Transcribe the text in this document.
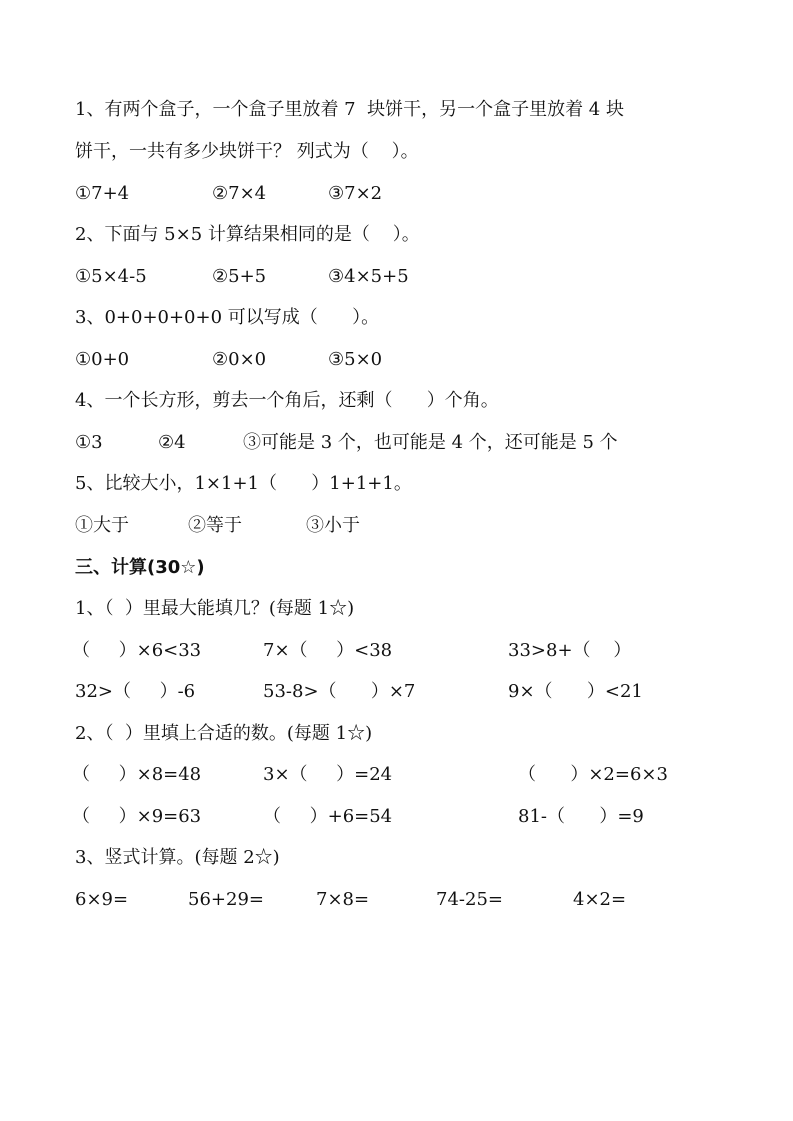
1、有两个盒子，一个盒子里放着 7  块饼干，另一个盒子里放着 4 块
饼干，一共有多少块饼干？ 列式为（    ）。
①7+4	②7×4	③7×2
2、下面与 5×5 计算结果相同的是（    ）。
①5×4-5	②5+5	③4×5+5
3、0+0+0+0+0 可以写成（      ）。
①0+0	②0×0	③5×0
4、一个长方形，剪去一个角后，还剩（      ）个角。
①3	②4	③可能是 3 个，也可能是 4 个，还可能是 5 个
5、比较大小，1×1+1（      ）1+1+1。
①大于	②等于	③小于
三、计算(30☆)
1、（  ）里最大能填几？(每题 1☆)
（     ）×6<33	7×（     ）<38	33>8+（    ）
32>（     ）-6	53-8>（      ）×7	9×（      ）<21
2、（  ）里填上合适的数。(每题 1☆)
（     ）×8=48	3×（     ）=24	（      ）×2=6×3
（     ）×9=63	（     ）+6=54	81-（      ）=9
3、竖式计算。(每题 2☆)
6×9=	56+29=	7×8=	74-25=	4×2=
